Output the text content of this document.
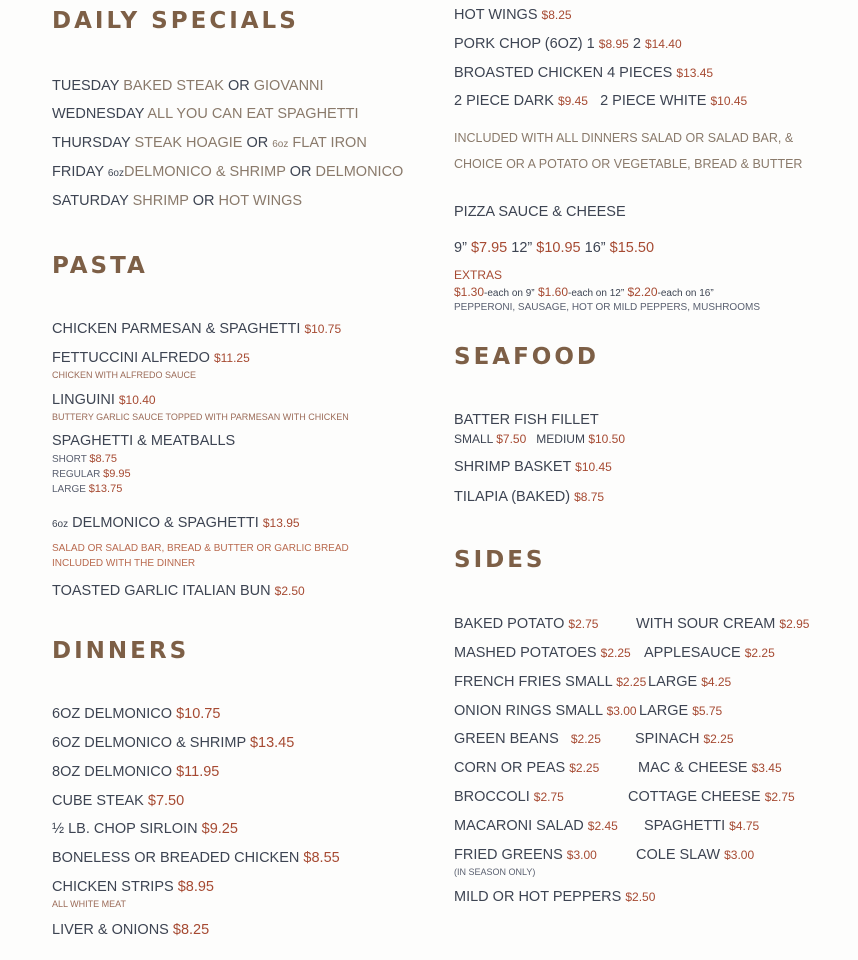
DAILY SPECIALS
TUESDAY BAKED STEAK OR GIOVANNI
WEDNESDAY ALL YOU CAN EAT SPAGHETTI
THURSDAY STEAK HOAGIE OR 6oz FLAT IRON
FRIDAY 6ozDELMONICO & SHRIMP OR DELMONICO
SATURDAY SHRIMP OR HOT WINGS
PASTA
CHICKEN PARMESAN & SPAGHETTI $10.75
FETTUCCINI ALFREDO $11.25
CHICKEN WITH ALFREDO SAUCE
LINGUINI $10.40
BUTTERY GARLIC SAUCE TOPPED WITH PARMESAN WITH CHICKEN
SPAGHETTI & MEATBALLS
SHORT $8.75
REGULAR $9.95
LARGE $13.75
6oz DELMONICO & SPAGHETTI $13.95
SALAD OR SALAD BAR, BREAD & BUTTER OR GARLIC BREAD
INCLUDED WITH THE DINNER
TOASTED GARLIC ITALIAN BUN $2.50
DINNERS
6OZ DELMONICO $10.75
6OZ DELMONICO & SHRIMP $13.45
8OZ DELMONICO $11.95
CUBE STEAK $7.50
½ LB. CHOP SIRLOIN $9.25
BONELESS OR BREADED CHICKEN $8.55
CHICKEN STRIPS $8.95
ALL WHITE MEAT
LIVER & ONIONS $8.25
HOT WINGS $8.25
PORK CHOP (6OZ) 1 $8.95 2 $14.40
BROASTED CHICKEN 4 PIECES $13.45
2 PIECE DARK $9.45 2 PIECE WHITE $10.45
INCLUDED WITH ALL DINNERS SALAD OR SALAD BAR, &
CHOICE OR A POTATO OR VEGETABLE, BREAD & BUTTER
PIZZA SAUCE & CHEESE
9” $7.95 12” $10.95 16” $15.50
EXTRAS
$1.30-each on 9” $1.60-each on 12” $2.20-each on 16”
PEPPERONI, SAUSAGE, HOT OR MILD PEPPERS, MUSHROOMS
SEAFOOD
BATTER FISH FILLET
SMALL $7.50 MEDIUM $10.50
SHRIMP BASKET $10.45
TILAPIA (BAKED) $8.75
SIDES
BAKED POTATO $2.75
MASHED POTATOES $2.25
FRENCH FRIES SMALL $2.25
ONION RINGS SMALL $3.00
GREEN BEANS $2.25
CORN OR PEAS $2.25
BROCCOLI $2.75
MACARONI SALAD $2.45
FRIED GREENS $3.00
(IN SEASON ONLY)
MILD OR HOT PEPPERS $2.50
WITH SOUR CREAM $2.95
APPLESAUCE $2.25
LARGE $4.25
LARGE $5.75
SPINACH $2.25
MAC & CHEESE $3.45
COTTAGE CHEESE $2.75
SPAGHETTI $4.75
COLE SLAW $3.00
